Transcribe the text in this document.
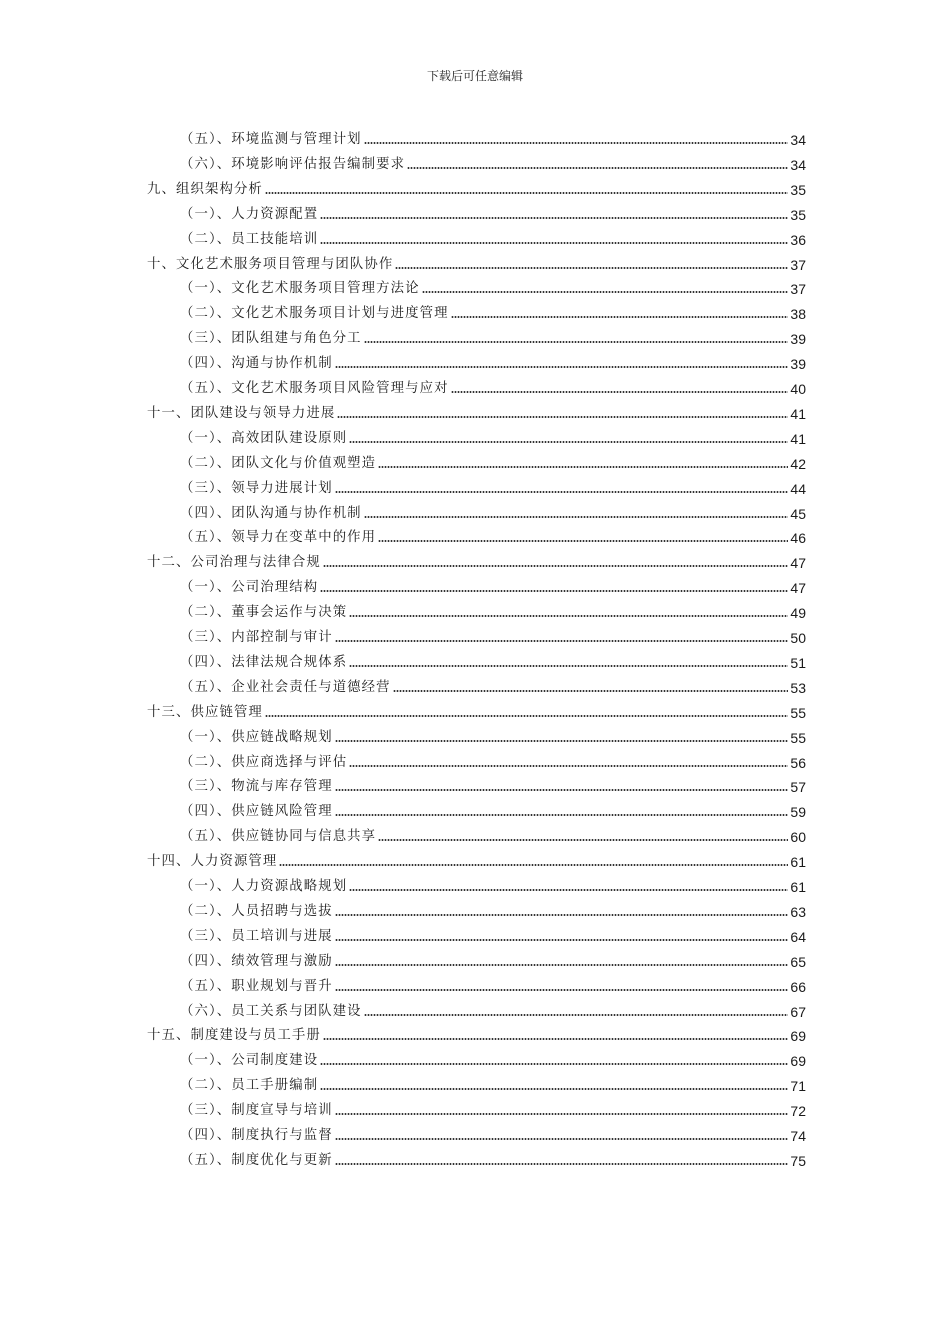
下载后可任意编辑
（五）、环境监测与管理计划	34
（六）、环境影响评估报告编制要求	34
九、组织架构分析	35
（一）、人力资源配置	35
（二）、员工技能培训	36
十、文化艺术服务项目管理与团队协作	37
（一）、文化艺术服务项目管理方法论	37
（二）、文化艺术服务项目计划与进度管理	38
（三）、团队组建与角色分工	39
（四）、沟通与协作机制	39
（五）、文化艺术服务项目风险管理与应对	40
十一、团队建设与领导力进展	41
（一）、高效团队建设原则	41
（二）、团队文化与价值观塑造	42
（三）、领导力进展计划	44
（四）、团队沟通与协作机制	45
（五）、领导力在变革中的作用	46
十二、公司治理与法律合规	47
（一）、公司治理结构	47
（二）、董事会运作与决策	49
（三）、内部控制与审计	50
（四）、法律法规合规体系	51
（五）、企业社会责任与道德经营	53
十三、供应链管理	55
（一）、供应链战略规划	55
（二）、供应商选择与评估	56
（三）、物流与库存管理	57
（四）、供应链风险管理	59
（五）、供应链协同与信息共享	60
十四、人力资源管理	61
（一）、人力资源战略规划	61
（二）、人员招聘与选拔	63
（三）、员工培训与进展	64
（四）、绩效管理与激励	65
（五）、职业规划与晋升	66
（六）、员工关系与团队建设	67
十五、制度建设与员工手册	69
（一）、公司制度建设	69
（二）、员工手册编制	71
（三）、制度宣导与培训	72
（四）、制度执行与监督	74
（五）、制度优化与更新	75
